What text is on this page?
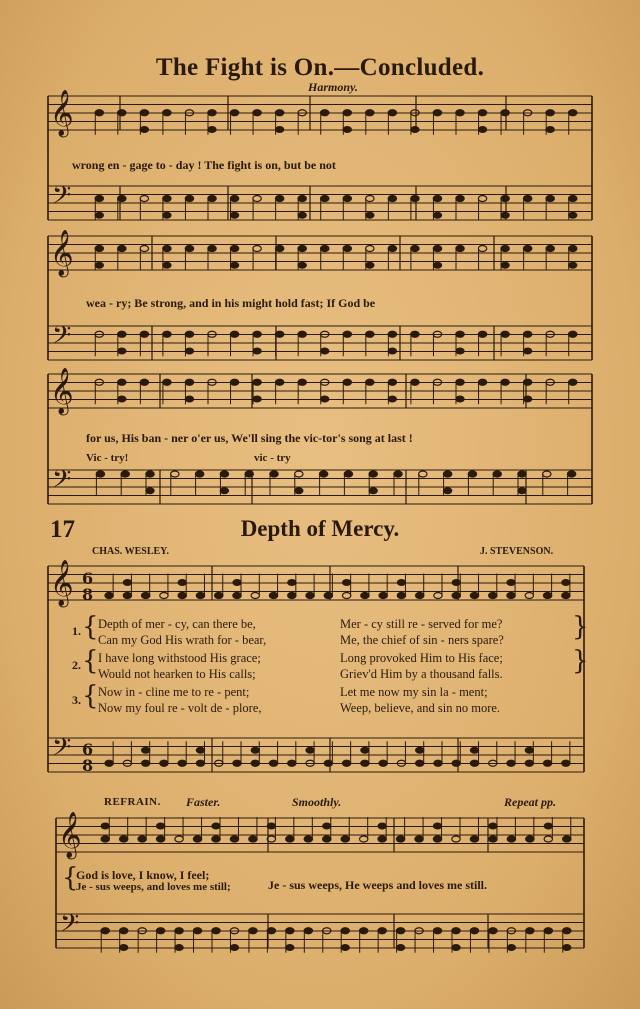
The Fight is On.—Concluded.
𝄞
𝄢
𝄞
𝄢
𝄞
𝄢
𝄞
𝄢
6
8
6
8
𝄞
𝄢
Harmony.
wrong en - gage to - day ! The fight is on, but be not
wea - ry; Be strong, and in his might hold fast; If God be
for us, His ban - ner o'er us, We'll sing the vic-tor's song at last !
Vic - try!	vic - try
17	Depth of Mercy.
CHAS. WESLEY.	J. STEVENSON.
1. { Depth of mer - cy, can there be,
Can my God His wrath for - bear,
Mer - cy still re - served for me?
Me, the chief of sin - ners spare?	}
2. { I have long withstood His grace;
Would not hearken to His calls;
Long provoked Him to His face;
Griev'd Him by a thousand falls.	}
3. { Now in - cline me to re - pent;
Now my foul re - volt de - plore,
Let me now my sin la - ment;
Weep, believe, and sin no more.
REFRAIN. Faster.	Smoothly.	Repeat pp.
{
God is love, I know, I feel;
Je - sus weeps, and loves me still;	Je - sus weeps, He weeps and loves me still.
